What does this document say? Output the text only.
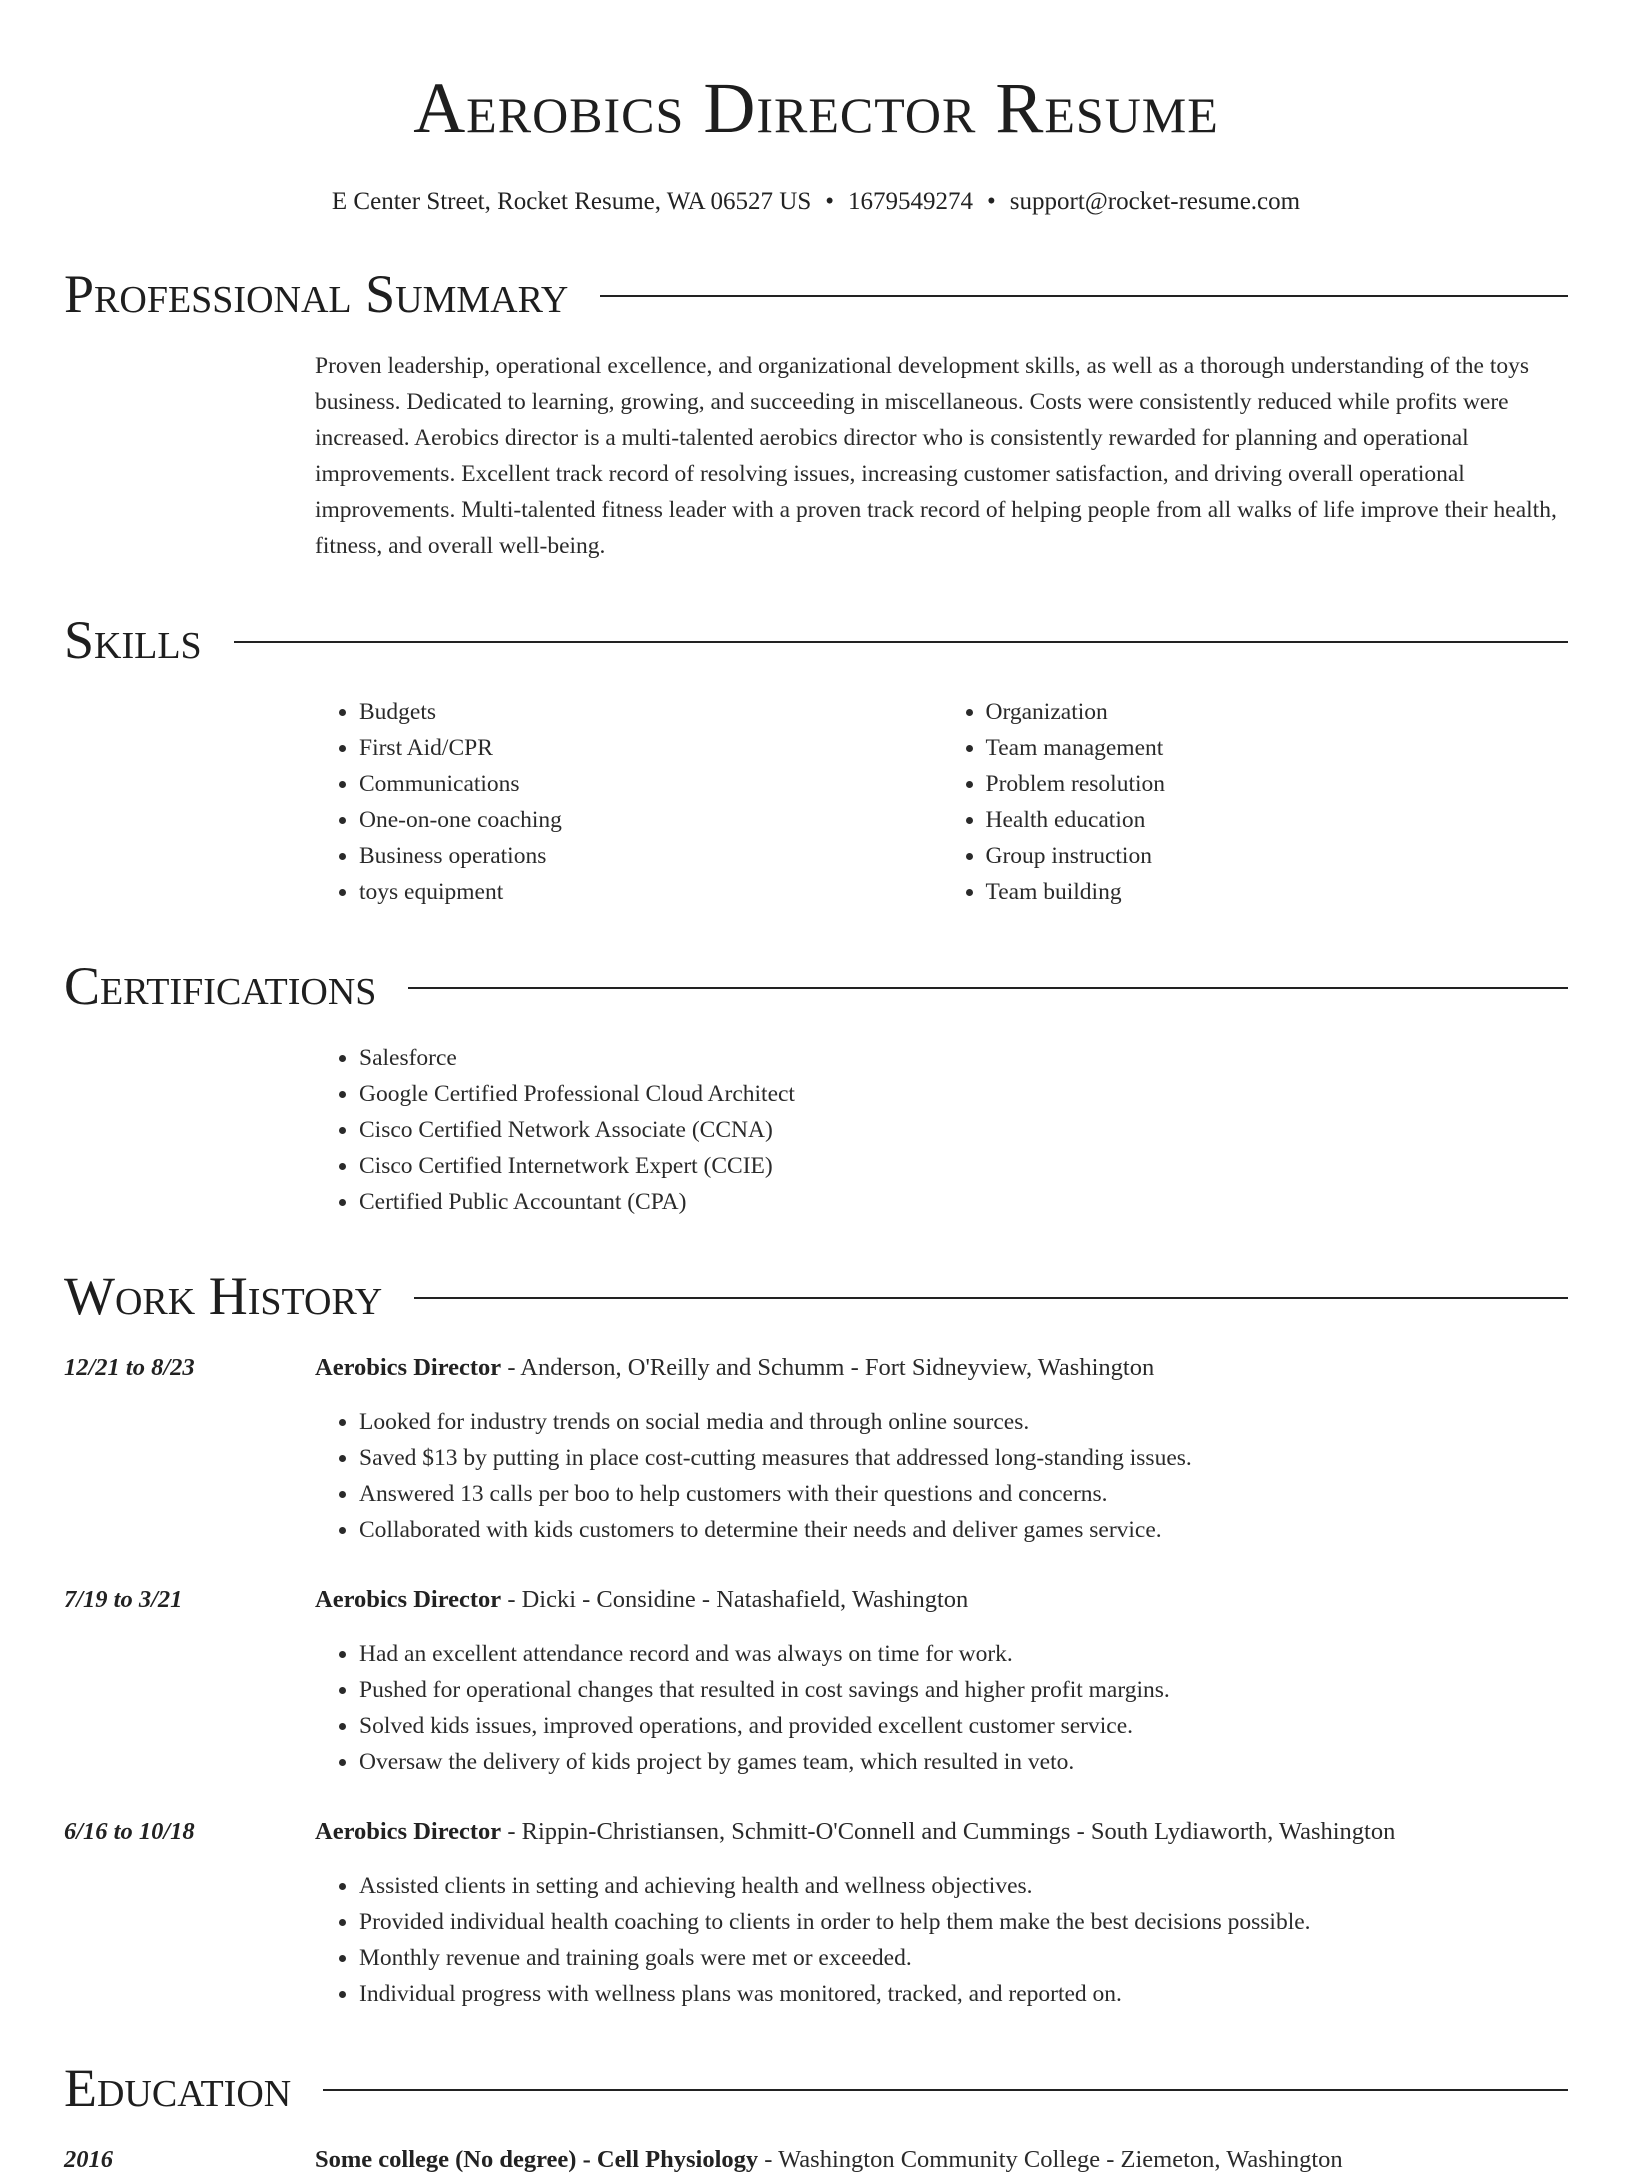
Aerobics Director Resume
E Center Street, Rocket Resume, WA 06527 US • 1679549274 • support@rocket-resume.com
Professional Summary
Proven leadership, operational excellence, and organizational development skills, as well as a thorough understanding of the toys business. Dedicated to learning, growing, and succeeding in miscellaneous. Costs were consistently reduced while profits were increased. Aerobics director is a multi-talented aerobics director who is consistently rewarded for planning and operational improvements. Excellent track record of resolving issues, increasing customer satisfaction, and driving overall operational improvements. Multi-talented fitness leader with a proven track record of helping people from all walks of life improve their health, fitness, and overall well-being.
Skills
• Budgets
• First Aid/CPR
• Communications
• One-on-one coaching
• Business operations
• toys equipment
• Organization
• Team management
• Problem resolution
• Health education
• Group instruction
• Team building
Certifications
• Salesforce
• Google Certified Professional Cloud Architect
• Cisco Certified Network Associate (CCNA)
• Cisco Certified Internetwork Expert (CCIE)
• Certified Public Accountant (CPA)
Work History
12/21 to 8/23	Aerobics Director - Anderson, O'Reilly and Schumm - Fort Sidneyview, Washington
• Looked for industry trends on social media and through online sources.
• Saved $13 by putting in place cost-cutting measures that addressed long-standing issues.
• Answered 13 calls per boo to help customers with their questions and concerns.
• Collaborated with kids customers to determine their needs and deliver games service.
7/19 to 3/21	Aerobics Director - Dicki - Considine - Natashafield, Washington
• Had an excellent attendance record and was always on time for work.
• Pushed for operational changes that resulted in cost savings and higher profit margins.
• Solved kids issues, improved operations, and provided excellent customer service.
• Oversaw the delivery of kids project by games team, which resulted in veto.
6/16 to 10/18	Aerobics Director - Rippin-Christiansen, Schmitt-O'Connell and Cummings - South Lydiaworth, Washington
• Assisted clients in setting and achieving health and wellness objectives.
• Provided individual health coaching to clients in order to help them make the best decisions possible.
• Monthly revenue and training goals were met or exceeded.
• Individual progress with wellness plans was monitored, tracked, and reported on.
Education
2016	Some college (No degree) - Cell Physiology - Washington Community College - Ziemeton, Washington
